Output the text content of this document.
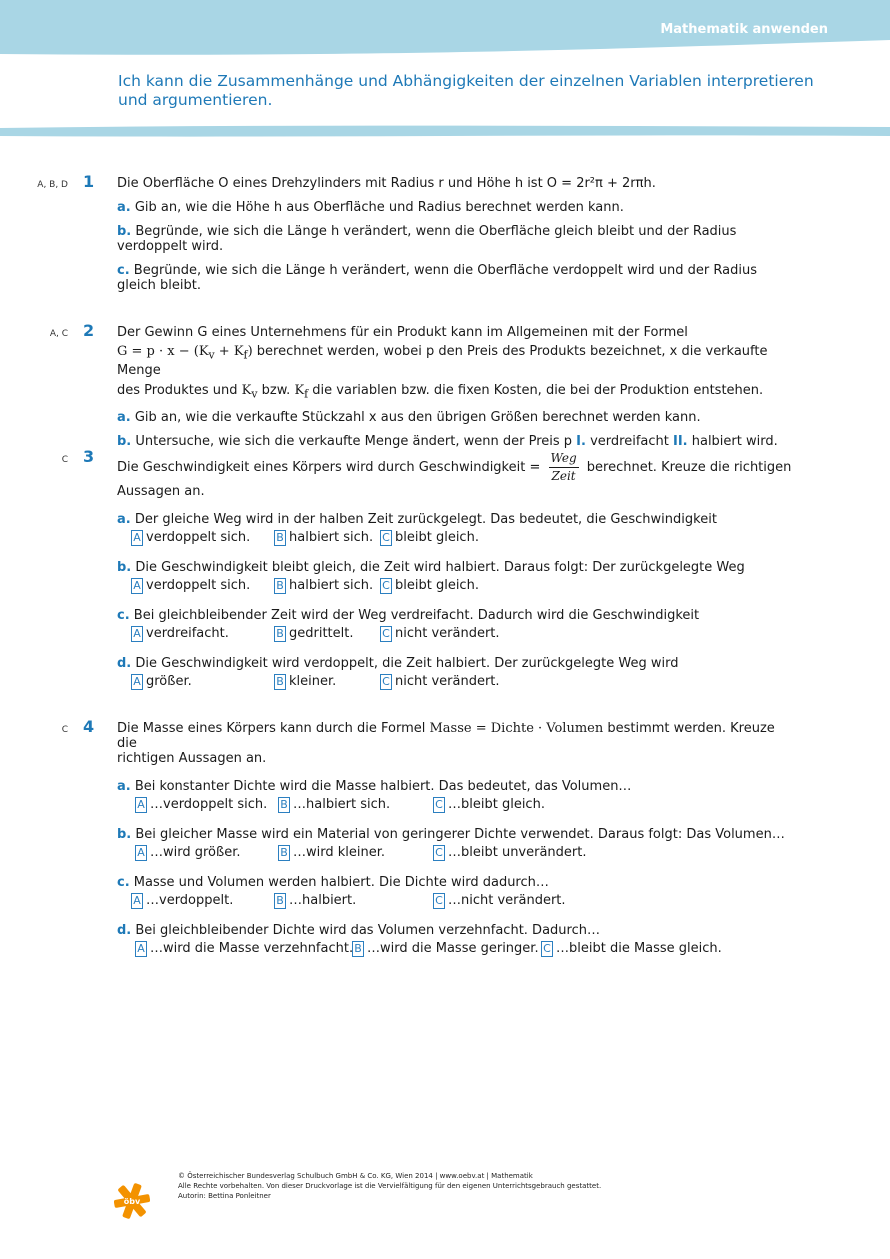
Mathematik anwenden
Ich kann die Zusammenhänge und Abhängigkeiten der einzelnen Variablen interpretieren und argumentieren.
A, B, D 1 Die Oberfläche O eines Drehzylinders mit Radius r und Höhe h ist O = 2r²π + 2rπh.

a. Gib an, wie die Höhe h aus Oberfläche und Radius berechnet werden kann.

b. Begründe, wie sich die Länge h verändert, wenn die Oberfläche gleich bleibt und der Radius verdoppelt wird.

c. Begründe, wie sich die Länge h verändert, wenn die Oberfläche verdoppelt wird und der Radius gleich bleibt.

A, C 2 Der Gewinn G eines Unternehmens für ein Produkt kann im Allgemeinen mit der Formel

$G = p \cdot x - (K_v + K_f)$ berechnet werden, wobei p den Preis des Produkts bezeichnet, x die verkaufte Menge

des Produktes und $K_v$ bzw. $K_f$ die variablen bzw. die fixen Kosten, die bei der Produktion entstehen.

a. Gib an, wie die verkaufte Stückzahl x aus den übrigen Größen berechnet werden kann.

b. Untersuche, wie sich die verkaufte Menge ändert, wenn der Preis p I. verdreifacht II. halbiert wird.

C 3

Die Geschwindigkeit eines Körpers wird durch Geschwindigkeit = $\frac{\text{Weg}}{\text{Zeit}}$ berechnet. Kreuze die richtigen

Aussagen an.

a. Der gleiche Weg wird in der halben Zeit zurückgelegt. Das bedeutet, die Geschwindigkeit

A verdoppelt sich. B halbiert sich. C bleibt gleich.

b. Die Geschwindigkeit bleibt gleich, die Zeit wird halbiert. Daraus folgt: Der zurückgelegte Weg

A verdoppelt sich. B halbiert sich. C bleibt gleich.

c. Bei gleichbleibender Zeit wird der Weg verdreifacht. Dadurch wird die Geschwindigkeit

A verdreifacht.	B gedrittelt.	C nicht verändert.

d. Die Geschwindigkeit wird verdoppelt, die Zeit halbiert. Der zurückgelegte Weg wird

A größer.	B kleiner.	C nicht verändert.
C 4 Die Masse eines Körpers kann durch die Formel Masse = Dichte · Volumen bestimmt werden. Kreuze die

richtigen Aussagen an.

a. Bei konstanter Dichte wird die Masse halbiert. Das bedeutet, das Volumen…

A …verdoppelt sich. B …halbiert sich.	C …bleibt gleich.

b. Bei gleicher Masse wird ein Material von geringerer Dichte verwendet. Daraus folgt: Das Volumen…

A …wird größer.	B …wird kleiner.	C …bleibt unverändert.

c. Masse und Volumen werden halbiert. Die Dichte wird dadurch…

A …verdoppelt.	B …halbiert.	C …nicht verändert.

d. Bei gleichbleibender Dichte wird das Volumen verzehnfacht. Dadurch…

A …wird die Masse verzehnfacht. B …wird die Masse geringer. C …bleibt die Masse gleich.
öbv
© Österreichischer Bundesverlag Schulbuch GmbH & Co. KG, Wien 2014 | www.oebv.at | Mathematik
Alle Rechte vorbehalten. Von dieser Druckvorlage ist die Vervielfältigung für den eigenen Unterrichtsgebrauch gestattet.
Autorin: Bettina Ponleitner
